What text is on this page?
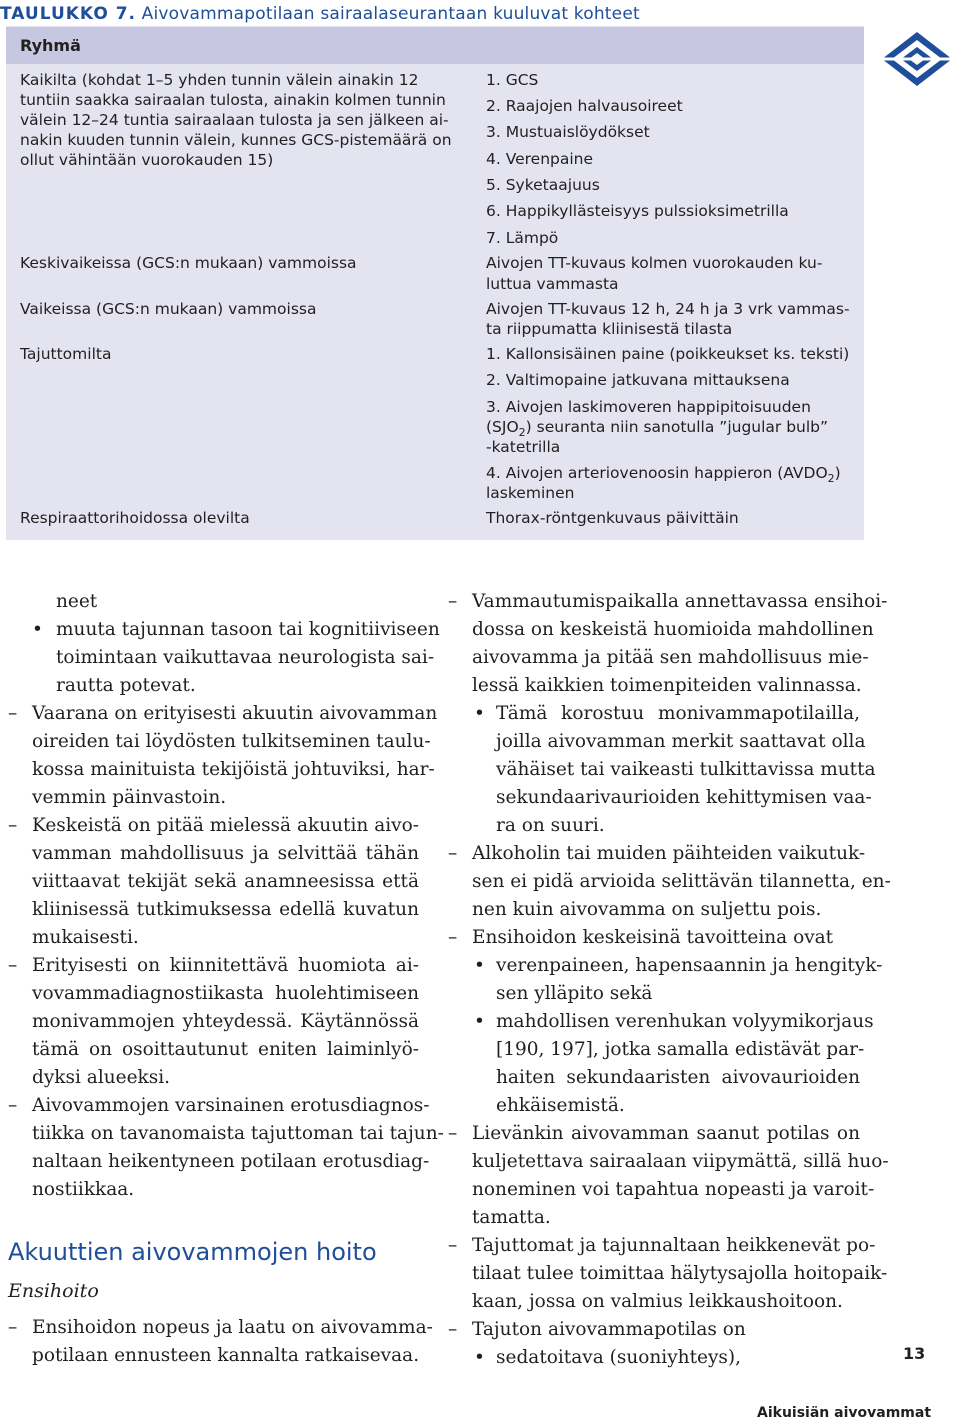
TAULUKKO 7. Aivovammapotilaan sairaalaseurantaan kuuluvat kohteet
Ryhmä
Kaikilta (kohdat 1–5 yhden tunnin välein ainakin 12
tuntiin saakka sairaalan tulosta, ainakin kolmen tunnin
välein 12–24 tuntia sairaalaan tulosta ja sen jälkeen ai-
nakin kuuden tunnin välein, kunnes GCS-pistemäärä on
ollut vähintään vuorokauden 15)
Keskivaikeissa (GCS:n mukaan) vammoissa
Vaikeissa (GCS:n mukaan) vammoissa
Tajuttomilta
Respiraattorihoidossa olevilta
1. GCS
2. Raajojen halvausoireet
3. Mustuaislöydökset
4. Verenpaine
5. Syketaajuus
6. Happikyllästeisyys pulssioksimetrilla
7. Lämpö
Aivojen TT-kuvaus kolmen vuorokauden ku-
luttua vammasta
Aivojen TT-kuvaus 12 h, 24 h ja 3 vrk vammas-
ta riippumatta kliinisestä tilasta
1. Kallonsisäinen paine (poikkeukset ks. teksti)
2. Valtimopaine jatkuvana mittauksena
3. Aivojen laskimoveren happipitoisuuden
$(SJO_2)$ seuranta niin sanotulla ”jugular bulb”
-katetrilla
4. Aivojen arteriovenoosin happieron $(AVDO_2)$
laskeminen
Thorax-röntgenkuvaus päivittäin
neet
• muuta tajunnan tasoon tai kognitiiviseen
toimintaan vaikuttavaa neurologista sai-
rautta potevat.
– Vaarana on erityisesti akuutin aivovamman
oireiden tai löydösten tulkitseminen taulu-
kossa mainituista tekijöistä johtuviksi, har-
vemmin päinvastoin.
– Keskeistä on pitää mielessä akuutin aivo-
vamman mahdollisuus ja selvittää tähän
viittaavat tekijät sekä anamneesissa että
kliinisessä tutkimuksessa edellä kuvatun
mukaisesti.
– Erityisesti on kiinnitettävä huomiota ai-
vovammadiagnostiikasta huolehtimiseen
monivammojen yhteydessä. Käytännössä
tämä on osoittautunut eniten laiminlyö-
dyksi alueeksi.
– Aivovammojen varsinainen erotusdiagnos-
tiikka on tavanomaista tajuttoman tai tajun-
naltaan heikentyneen potilaan erotusdiag-
nostiikkaa.
– Ensihoidon nopeus ja laatu on aivovamma-
potilaan ennusteen kannalta ratkaisevaa.
Akuuttien aivovammojen hoito
Ensihoito
– Vammautumispaikalla annettavassa ensihoi-
dossa on keskeistä huomioida mahdollinen
aivovamma ja pitää sen mahdollisuus mie-
lessä kaikkien toimenpiteiden valinnassa.
• Tämä korostuu monivammapotilailla,
joilla aivovamman merkit saattavat olla
vähäiset tai vaikeasti tulkittavissa mutta
sekundaarivaurioiden kehittymisen vaa-
ra on suuri.
– Alkoholin tai muiden päihteiden vaikutuk-
sen ei pidä arvioida selittävän tilannetta, en-
nen kuin aivovamma on suljettu pois.
– Ensihoidon keskeisinä tavoitteina ovat
• verenpaineen, hapensaannin ja hengityk-
sen ylläpito sekä
• mahdollisen verenhukan volyymikorjaus
[190, 197], jotka samalla edistävät par-
haiten sekundaaristen aivovaurioiden
ehkäisemistä.
– Lievänkin aivovamman saanut potilas on
kuljetettava sairaalaan viipymättä, sillä huo-
noneminen voi tapahtua nopeasti ja varoit-
tamatta.
– Tajuttomat ja tajunnaltaan heikkenevät po-
tilaat tulee toimittaa hälytysajolla hoitopaik-
kaan, jossa on valmius leikkaushoitoon.
– Tajuton aivovammapotilas on
• sedatoitava (suoniyhteys),	13
Aikuisiän aivovammat
